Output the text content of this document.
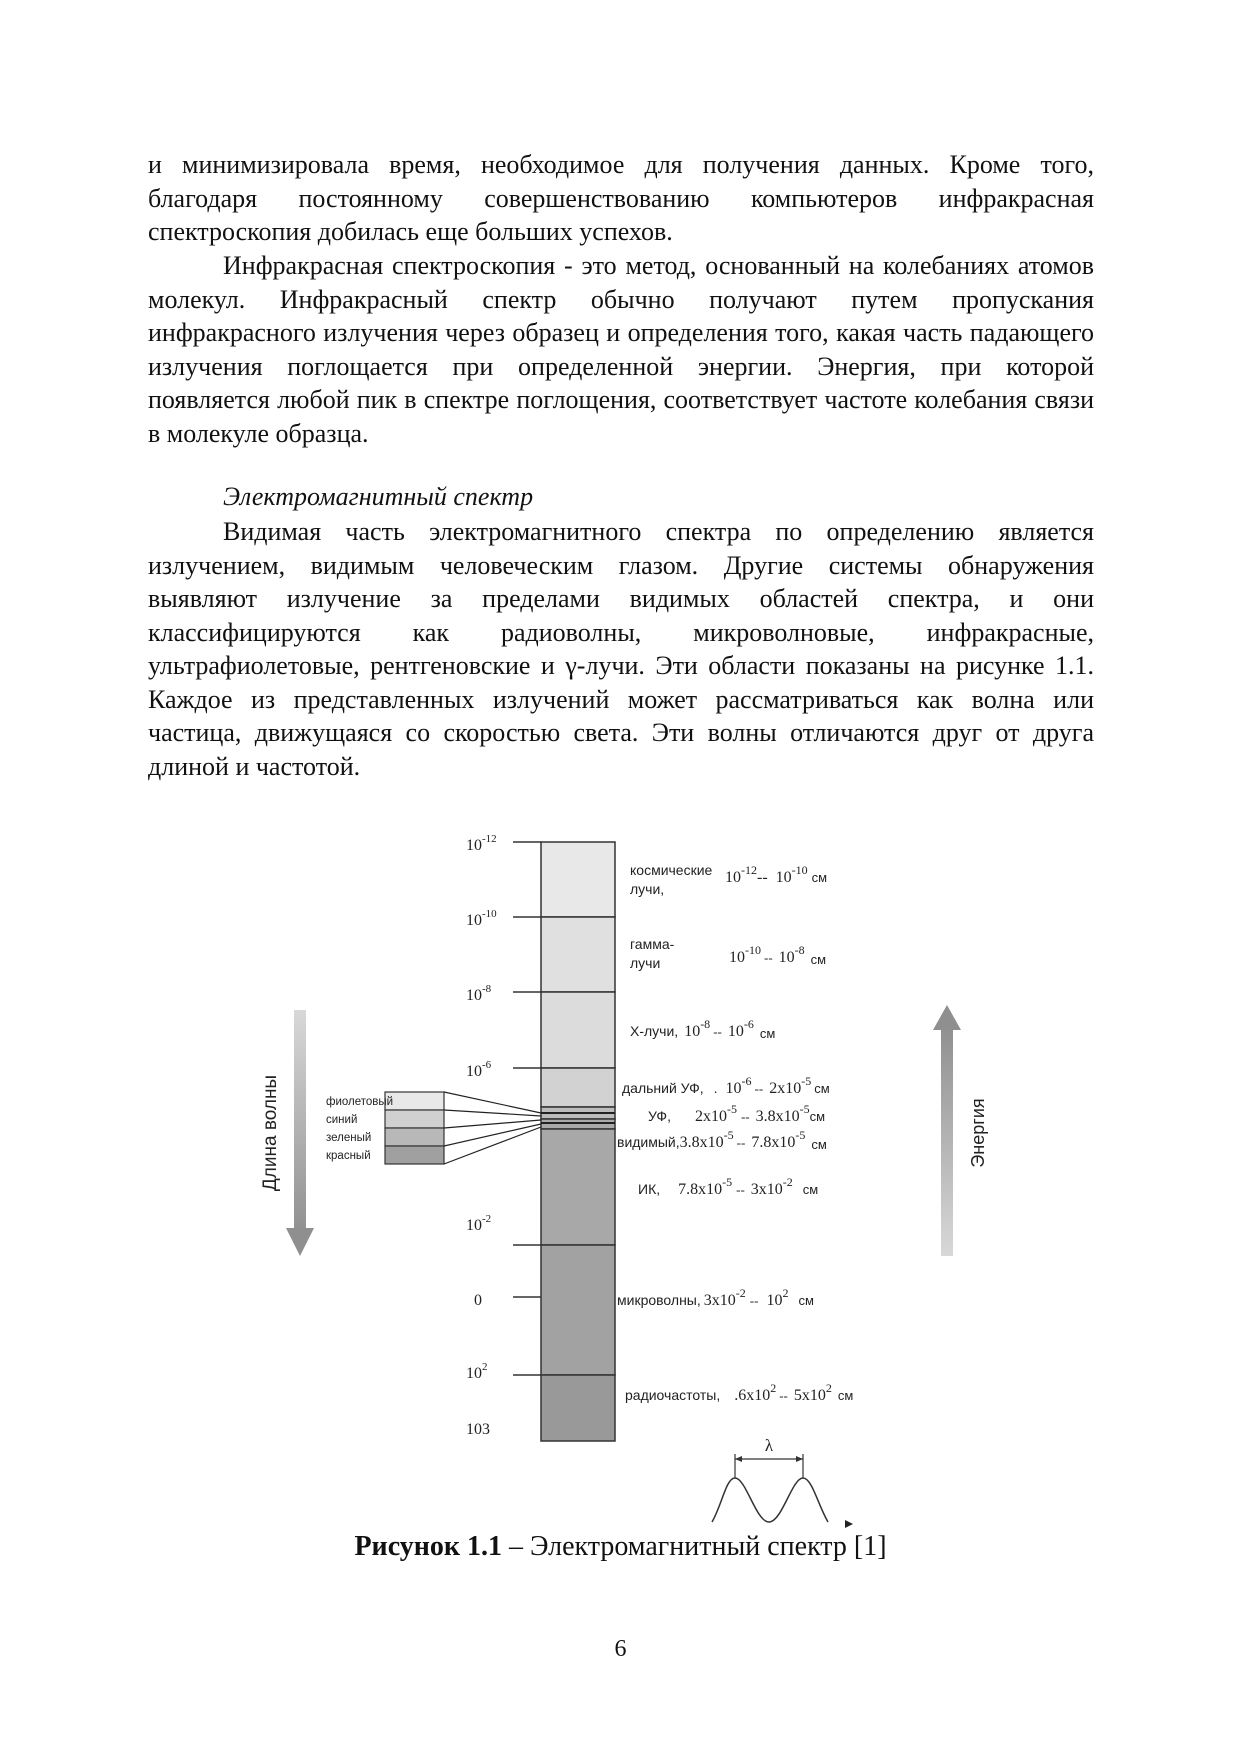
и минимизировала время, необходимое для получения данных. Кроме того, благодаря постоянному совершенствованию компьютеров инфракрасная спектроскопия добилась еще больших успехов.

Инфракрасная спектроскопия - это метод, основанный на колебаниях атомов молекул. Инфракрасный спектр обычно получают путем пропускания инфракрасного излучения через образец и определения того, какая часть падающего излучения поглощается при определенной энергии. Энергия, при которой появляется любой пик в спектре поглощения, соответствует частоте колебания связи в молекуле образца.

Электромагнитный спектр

Видимая часть электромагнитного спектра по определению является излучением, видимым человеческим глазом. Другие системы обнаружения выявляют излучение за пределами видимых областей спектра, и они классифицируются как радиоволны, микроволновые, инфракрасные, ультрафиолетовые, рентгеновские и γ-лучи. Эти области показаны на рисунке 1.1. Каждое из представленных излучений может рассматриваться как волна или частица, движущаяся со скоростью света. Эти волны отличаются друг от друга длиной и частотой.

Длина волны	Энергия
$10^{-12}$
$10^{-10}$
$10^{-8}$
$10^{-6}$
$10^{-2}$
0
$10^2$
103
фиолетовый
синий
зеленый
красный
космические
лучи,
$10^{-12}--$ $10^{-10}$ $_{см}$
гамма-
лучи	$10^{-10}$ $_{--}$ $10^{-8}_{см}$
Х-лучи, 10-8 -- 10-6см
дальний УФ, . 10-6 -- 2x10-5 см
УФ, 2x10-5 -- 3.8x10-5см
видимый,3.8x10-5 -- 7.8x10-5см
ИК, 7.8x10-5 -- 3x10-2 см
микроволны, 3x10-2 -- 102 см
радиочастоты, .6x102 -- 5x102 см
λ
Рисунок 1.1 – Электромагнитный спектр [1]
6
